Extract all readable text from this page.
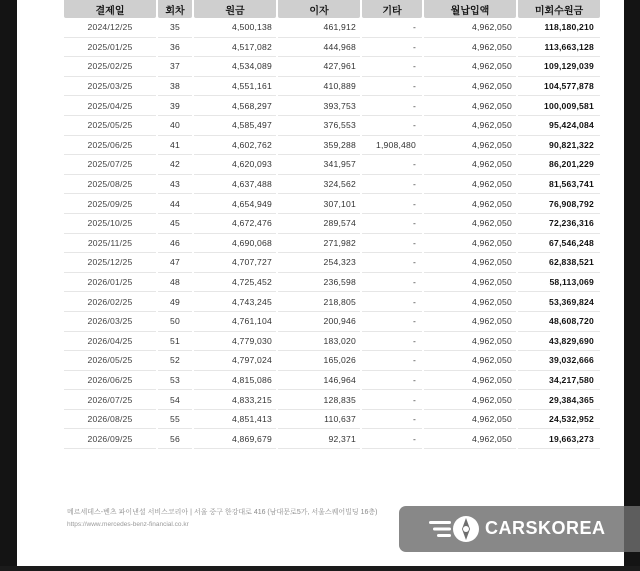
결제일	회차	원금	이자	기타	월납입액	미회수원금
2024/12/25	35	4,500,138	461,912	-	4,962,050	118,180,210
2025/01/25	36	4,517,082	444,968	-	4,962,050	113,663,128
2025/02/25	37	4,534,089	427,961	-	4,962,050	109,129,039
2025/03/25	38	4,551,161	410,889	-	4,962,050	104,577,878
2025/04/25	39	4,568,297	393,753	-	4,962,050	100,009,581
2025/05/25	40	4,585,497	376,553	-	4,962,050	95,424,084
2025/06/25	41	4,602,762	359,288	1,908,480	4,962,050	90,821,322
2025/07/25	42	4,620,093	341,957	-	4,962,050	86,201,229
2025/08/25	43	4,637,488	324,562	-	4,962,050	81,563,741
2025/09/25	44	4,654,949	307,101	-	4,962,050	76,908,792
2025/10/25	45	4,672,476	289,574	-	4,962,050	72,236,316
2025/11/25	46	4,690,068	271,982	-	4,962,050	67,546,248
2025/12/25	47	4,707,727	254,323	-	4,962,050	62,838,521
2026/01/25	48	4,725,452	236,598	-	4,962,050	58,113,069
2026/02/25	49	4,743,245	218,805	-	4,962,050	53,369,824
2026/03/25	50	4,761,104	200,946	-	4,962,050	48,608,720
2026/04/25	51	4,779,030	183,020	-	4,962,050	43,829,690
2026/05/25	52	4,797,024	165,026	-	4,962,050	39,032,666
2026/06/25	53	4,815,086	146,964	-	4,962,050	34,217,580
2026/07/25	54	4,833,215	128,835	-	4,962,050	29,384,365
2026/08/25	55	4,851,413	110,637	-	4,962,050	24,532,952
2026/09/25	56	4,869,679	92,371	-	4,962,050	19,663,273
메르세데스-벤츠 파이낸셜 서비스코리아 | 서울 중구 한강대로 416 (남대문로5가, 서울스퀘어빌딩 16층)
https://www.mercedes-benz-financial.co.kr	CARSKOREA
